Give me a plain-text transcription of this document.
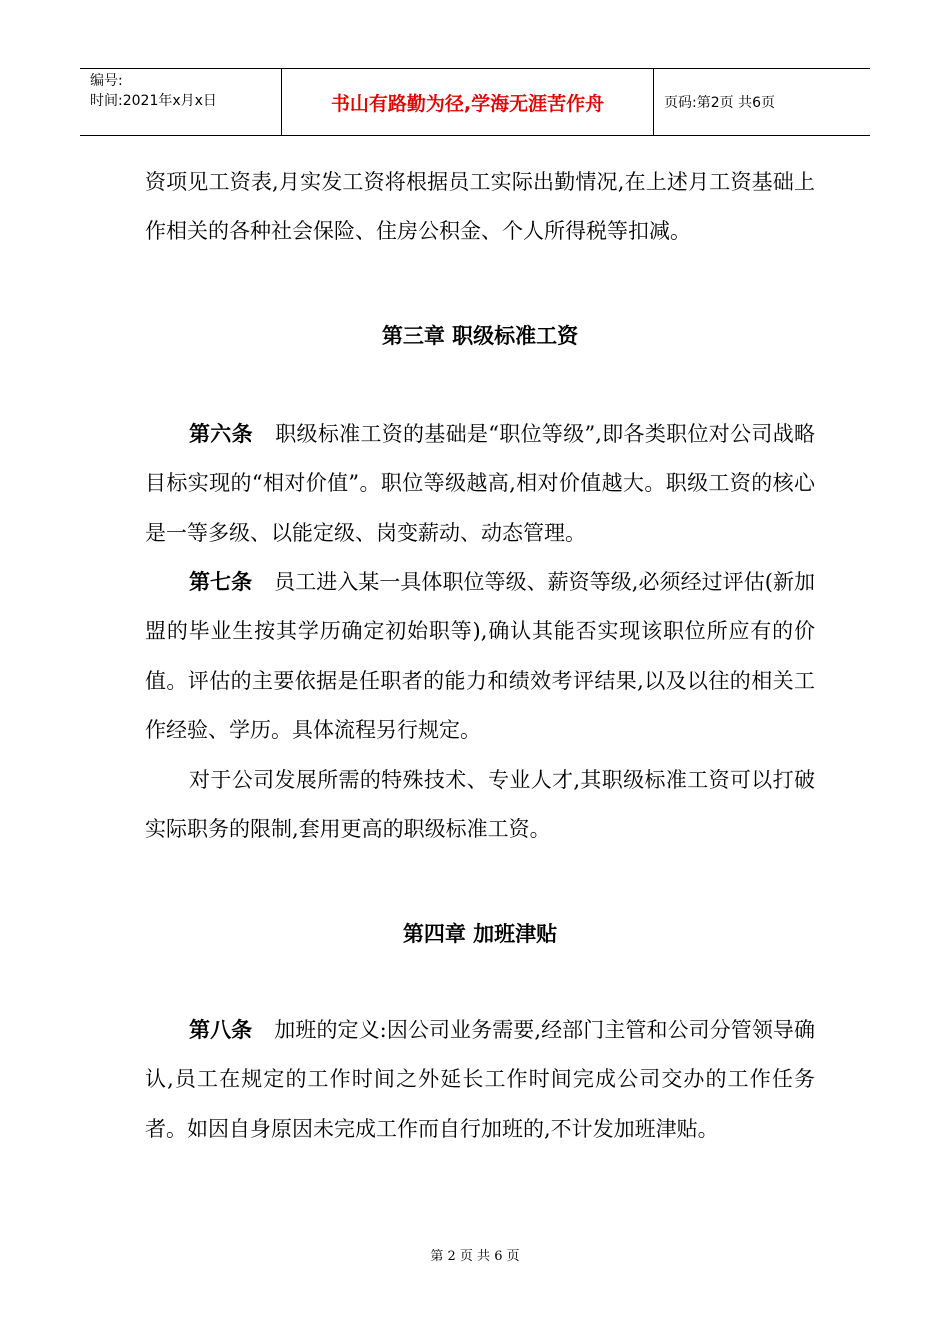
编号:
时间:2021年x月x日	书山有路勤为径,学海无涯苦作舟	页码:第2页 共6页

资项见工资表,月实发工资将根据员工实际出勤情况,在上述月工资基础上作相关的各种社会保险、住房公积金、个人所得税等扣减。

第三章 职级标准工资

第六条 职级标准工资的基础是“职位等级”,即各类职位对公司战略目标实现的“相对价值”。职位等级越高,相对价值越大。职级工资的核心是一等多级、以能定级、岗变薪动、动态管理。

第七条 员工进入某一具体职位等级、薪资等级,必须经过评估(新加盟的毕业生按其学历确定初始职等),确认其能否实现该职位所应有的价值。评估的主要依据是任职者的能力和绩效考评结果,以及以往的相关工作经验、学历。具体流程另行规定。

对于公司发展所需的特殊技术、专业人才,其职级标准工资可以打破实际职务的限制,套用更高的职级标准工资。

第四章 加班津贴

第八条 加班的定义:因公司业务需要,经部门主管和公司分管领导确认,员工在规定的工作时间之外延长工作时间完成公司交办的工作任务者。如因自身原因未完成工作而自行加班的,不计发加班津贴。

第 2 页 共 6 页
